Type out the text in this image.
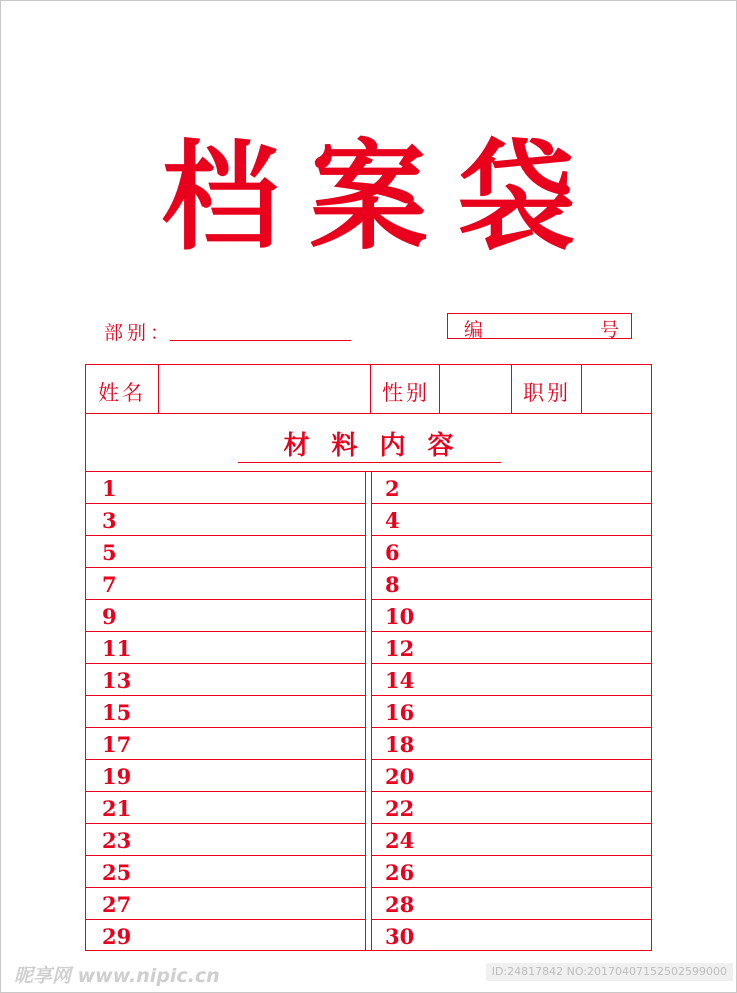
档案袋
部别：	编	号
姓名	性别	职别
材料内容
1	2
3	4
5	6
7	8
9	10
11	12
13	14
15	16
17	18
19	20
21	22
23	24
25	26
27	28
29	30
昵享网 www.nipic.cn	ID:24817842 NO:20170407152502599000
